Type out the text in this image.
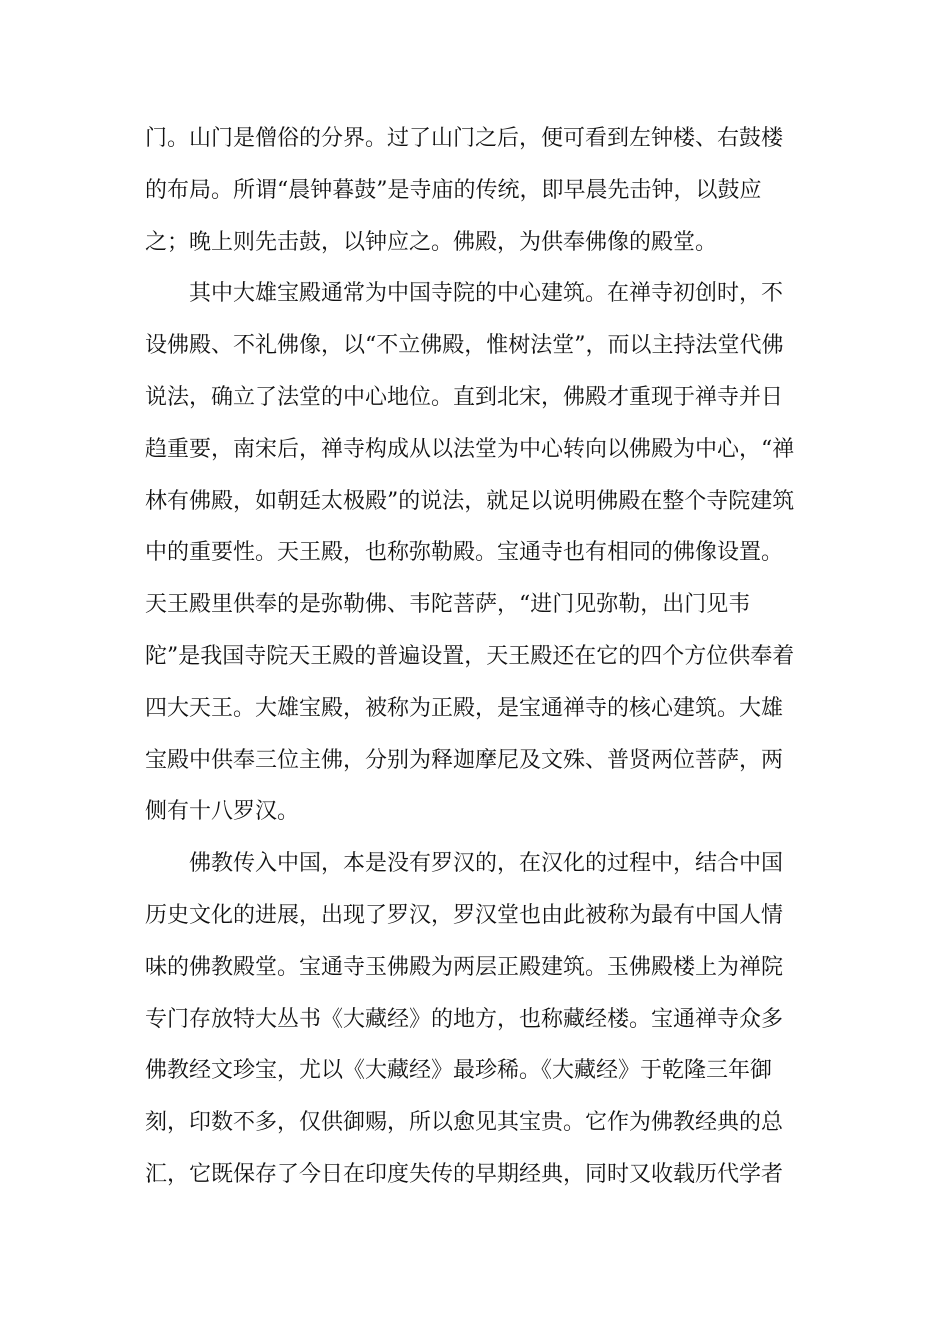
门。山门是僧俗的分界。过了山门之后，便可看到左钟楼、右鼓楼
的布局。所谓“晨钟暮鼓”是寺庙的传统，即早晨先击钟，以鼓应
之；晚上则先击鼓，以钟应之。佛殿，为供奉佛像的殿堂。
其中大雄宝殿通常为中国寺院的中心建筑。在禅寺初创时，不
设佛殿、不礼佛像，以“不立佛殿，惟树法堂”，而以主持法堂代佛
说法，确立了法堂的中心地位。直到北宋，佛殿才重现于禅寺并日
趋重要，南宋后，禅寺构成从以法堂为中心转向以佛殿为中心，“禅
林有佛殿，如朝廷太极殿”的说法，就足以说明佛殿在整个寺院建筑
中的重要性。天王殿，也称弥勒殿。宝通寺也有相同的佛像设置。
天王殿里供奉的是弥勒佛、韦陀菩萨，“进门见弥勒，出门见韦
陀”是我国寺院天王殿的普遍设置，天王殿还在它的四个方位供奉着
四大天王。大雄宝殿，被称为正殿，是宝通禅寺的核心建筑。大雄
宝殿中供奉三位主佛，分别为释迦摩尼及文殊、普贤两位菩萨，两
侧有十八罗汉。
佛教传入中国，本是没有罗汉的，在汉化的过程中，结合中国
历史文化的进展，出现了罗汉，罗汉堂也由此被称为最有中国人情
味的佛教殿堂。宝通寺玉佛殿为两层正殿建筑。玉佛殿楼上为禅院
专门存放特大丛书《大藏经》的地方，也称藏经楼。宝通禅寺众多
佛教经文珍宝，尤以《大藏经》最珍稀。《大藏经》于乾隆三年御
刻，印数不多，仅供御赐，所以愈见其宝贵。它作为佛教经典的总
汇，它既保存了今日在印度失传的早期经典，同时又收载历代学者
